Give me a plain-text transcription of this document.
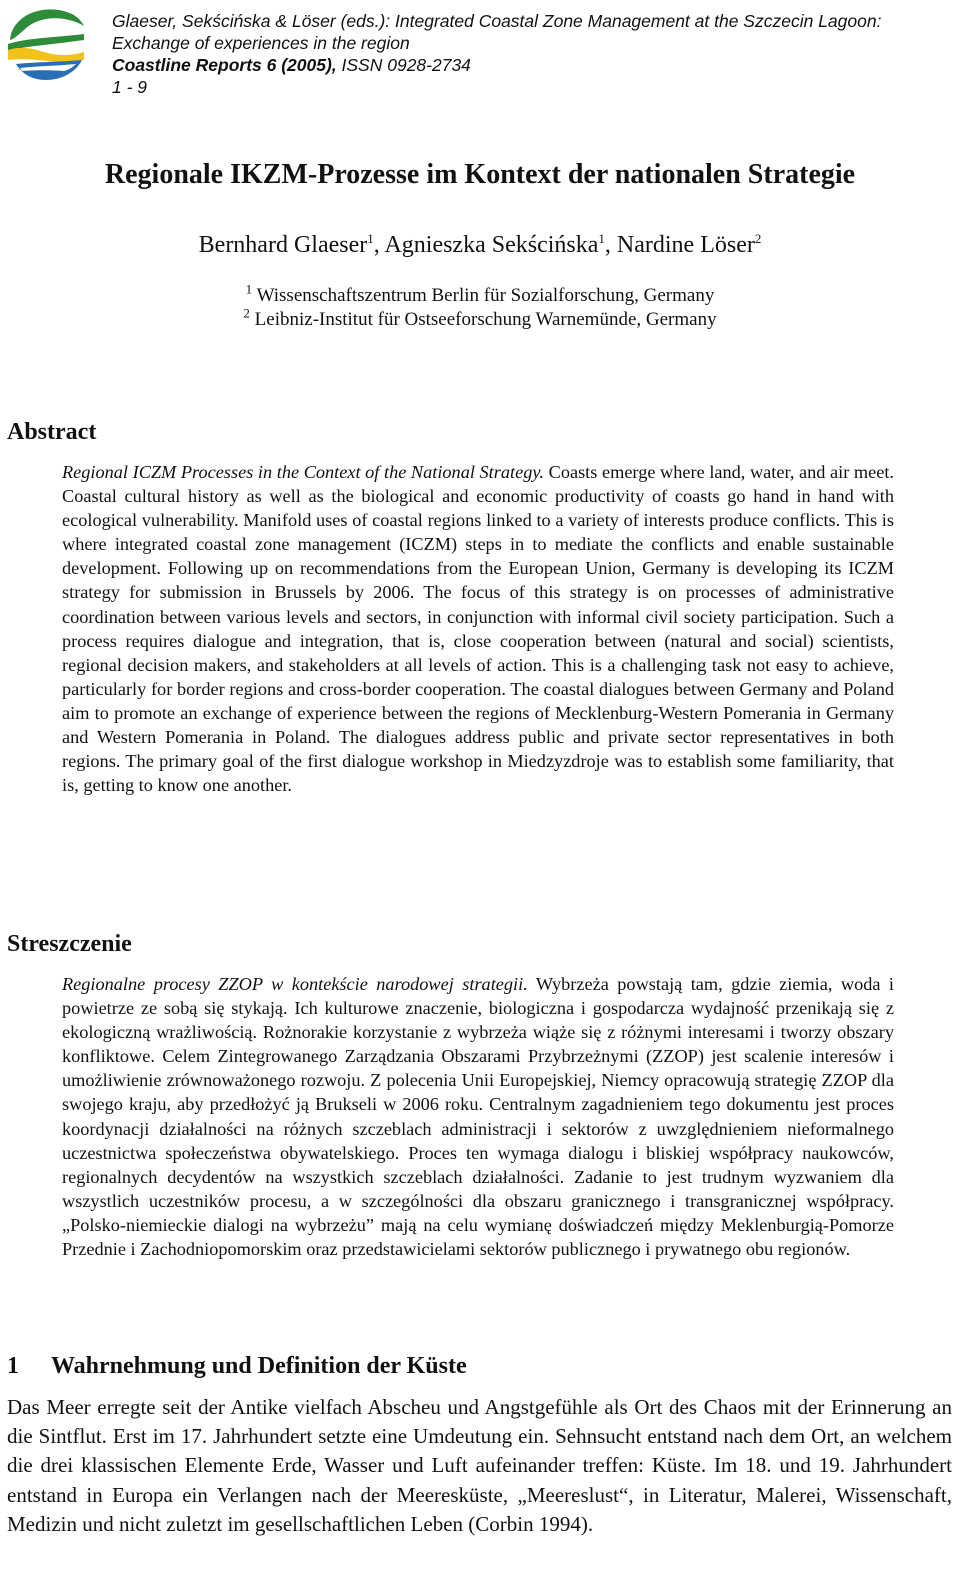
Glaeser, Sekścińska & Löser (eds.): Integrated Coastal Zone Management at the Szczecin Lagoon:
Exchange of experiences in the region
Coastline Reports 6 (2005), ISSN 0928-2734
1 - 9
Regionale IKZM-Prozesse im Kontext der nationalen Strategie
Bernhard Glaeser$^1$, Agnieszka Sekścińska$^1$, Nardine Löser$^2$
$^1$ Wissenschaftszentrum Berlin für Sozialforschung, Germany
$^2$ Leibniz-Institut für Ostseeforschung Warnemünde, Germany
Abstract

Regional ICZM Processes in the Context of the National Strategy. Coasts emerge where land, water, and air meet. Coastal cultural history as well as the biological and economic productivity of coasts go hand in hand with ecological vulnerability. Manifold uses of coastal regions linked to a variety of interests produce conflicts. This is where integrated coastal zone management (ICZM) steps in to mediate the conflicts and enable sustainable development. Following up on recommendations from the European Union, Germany is developing its ICZM strategy for submission in Brussels by 2006. The focus of this strategy is on processes of administrative coordination between various levels and sectors, in conjunction with informal civil society participation. Such a process requires dialogue and integration, that is, close cooperation between (natural and social) scientists, regional decision makers, and stakeholders at all levels of action. This is a challenging task not easy to achieve, particularly for border regions and cross-border cooperation. The coastal dialogues between Germany and Poland aim to promote an exchange of experience between the regions of Mecklenburg-Western Pomerania in Germany and Western Pomerania in Poland. The dialogues address public and private sector representatives in both regions. The primary goal of the first dialogue workshop in Miedzyzdroje was to establish some familiarity, that is, getting to know one another.

Streszczenie

Regionalne procesy ZZOP w kontekście narodowej strategii. Wybrzeża powstają tam, gdzie ziemia, woda i powietrze ze sobą się stykają. Ich kulturowe znaczenie, biologiczna i gospodarcza wydajność przenikają się z ekologiczną wrażliwością. Rożnorakie korzystanie z wybrzeża wiąże się z różnymi interesami i tworzy obszary konfliktowe. Celem Zintegrowanego Zarządzania Obszarami Przybrzeżnymi (ZZOP) jest scalenie interesów i umożliwienie zrównoważonego rozwoju. Z polecenia Unii Europejskiej, Niemcy opracowują strategię ZZOP dla swojego kraju, aby przedłożyć ją Brukseli w 2006 roku. Centralnym zagadnieniem tego dokumentu jest proces koordynacji działalności na różnych szczeblach administracji i sektorów z uwzględnieniem nieformalnego uczestnictwa społeczeństwa obywatelskiego. Proces ten wymaga dialogu i bliskiej współpracy naukowców, regionalnych decydentów na wszystkich szczeblach działalności. Zadanie to jest trudnym wyzwaniem dla wszystlich uczestników procesu, a w szczególności dla obszaru granicznego i transgranicznej współpracy. „Polsko-niemieckie dialogi na wybrzeżu” mają na celu wymianę doświadczeń między Meklenburgią-Pomorze Przednie i Zachodniopomorskim oraz przedstawicielami sektorów publicznego i prywatnego obu regionów.

1 Wahrnehmung und Definition der Küste

Das Meer erregte seit der Antike vielfach Abscheu und Angstgefühle als Ort des Chaos mit der Erinnerung an die Sintflut. Erst im 17. Jahrhundert setzte eine Umdeutung ein. Sehnsucht entstand nach dem Ort, an welchem die drei klassischen Elemente Erde, Wasser und Luft aufeinander treffen: Küste. Im 18. und 19. Jahrhundert entstand in Europa ein Verlangen nach der Meeresküste, „Meereslust“, in Literatur, Malerei, Wissenschaft, Medizin und nicht zuletzt im gesellschaftlichen Leben (Corbin 1994).
